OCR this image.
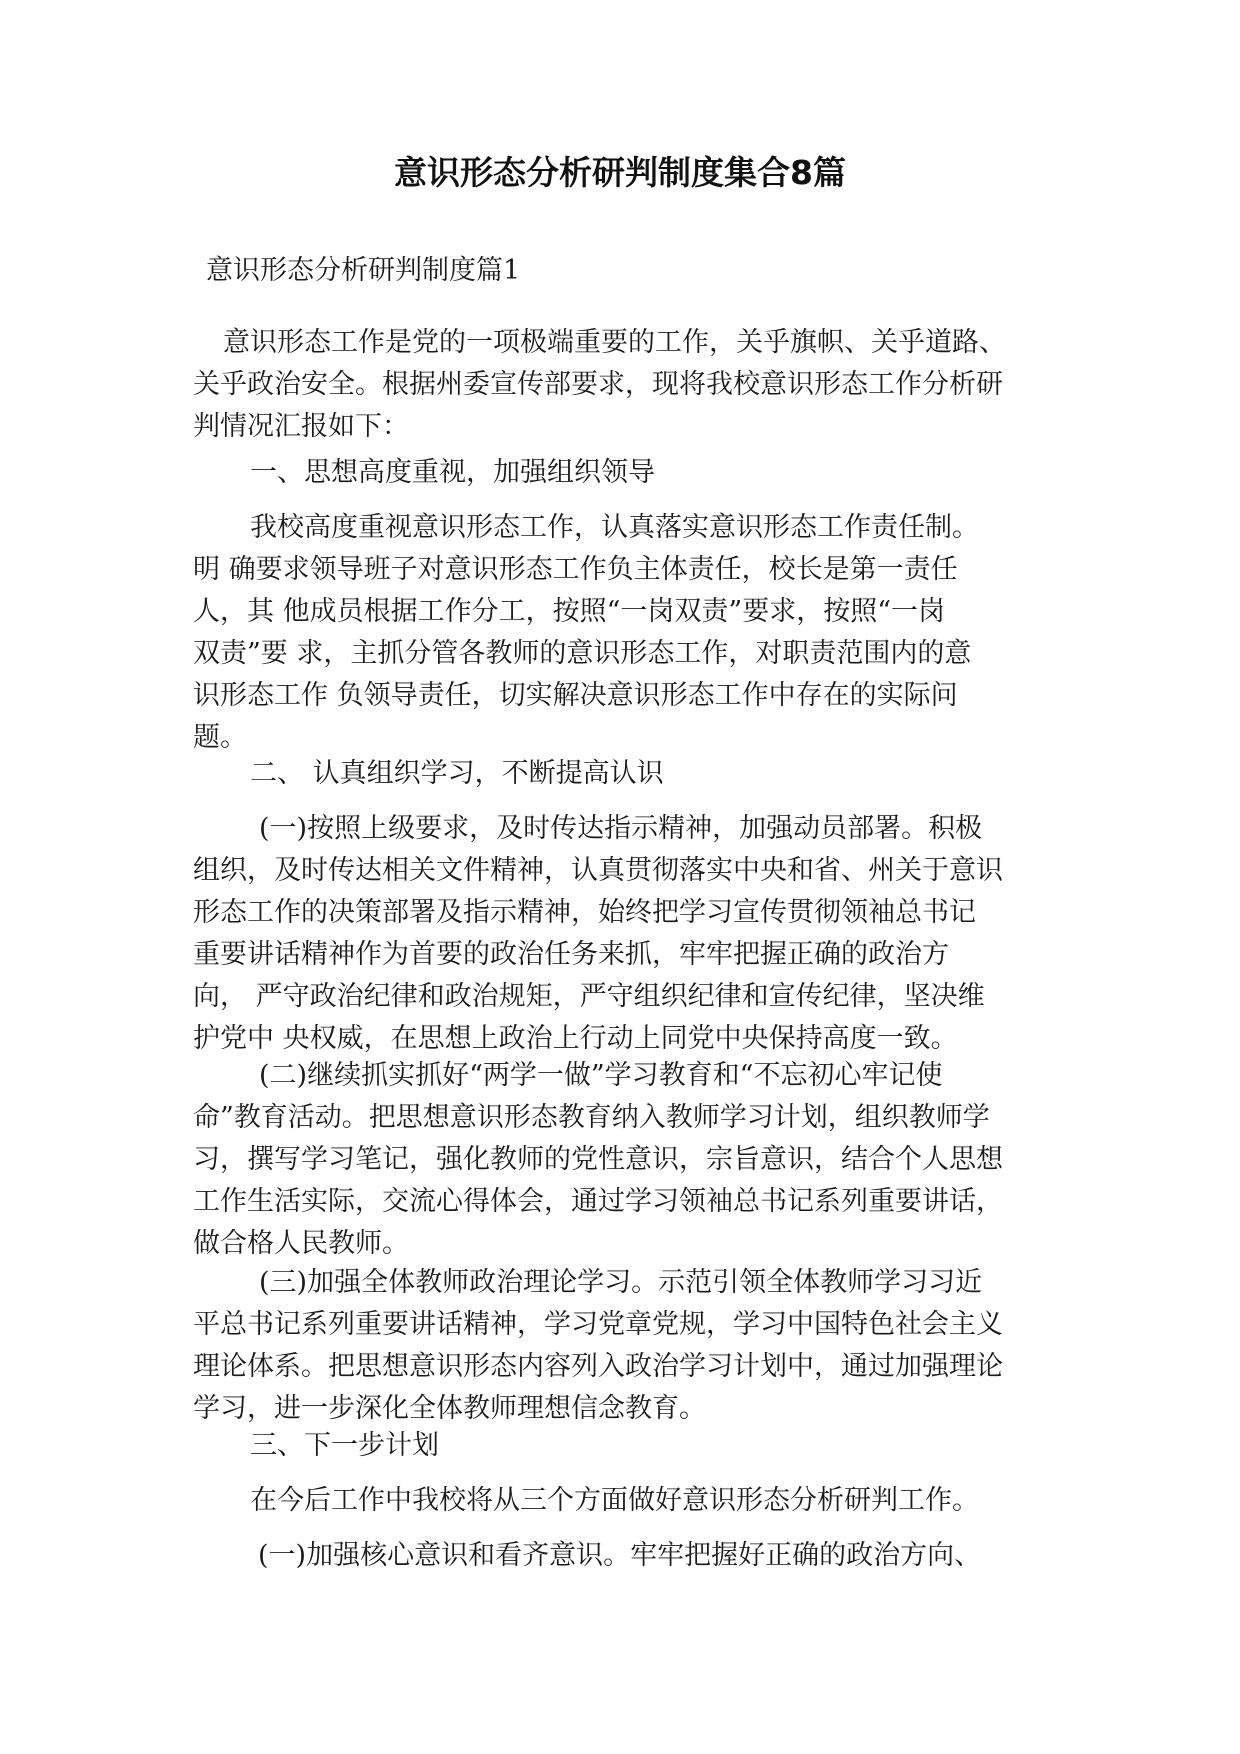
意识形态分析研判制度集合8篇

意识形态分析研判制度篇1

意识形态工作是党的一项极端重要的工作，关乎旗帜、关乎道路、
关乎政治安全。根据州委宣传部要求，现将我校意识形态工作分析研
判情况汇报如下：

一、思想高度重视，加强组织领导

我校高度重视意识形态工作，认真落实意识形态工作责任制。
明 确要求领导班子对意识形态工作负主体责任，校长是第一责任
人，其 他成员根据工作分工，按照“一岗双责”要求，按照“一岗
双责”要 求，主抓分管各教师的意识形态工作，对职责范围内的意
识形态工作 负领导责任，切实解决意识形态工作中存在的实际问
题。

二、 认真组织学习，不断提高认识

(一)按照上级要求，及时传达指示精神，加强动员部署。积极
组织，及时传达相关文件精神，认真贯彻落实中央和省、州关于意识
形态工作的决策部署及指示精神，始终把学习宣传贯彻领袖总书记
重要讲话精神作为首要的政治任务来抓，牢牢把握正确的政治方
向， 严守政治纪律和政治规矩，严守组织纪律和宣传纪律，坚决维
护党中 央权威，在思想上政治上行动上同党中央保持高度一致。

(二)继续抓实抓好“两学一做”学习教育和“不忘初心牢记使
命”教育活动。把思想意识形态教育纳入教师学习计划，组织教师学
习，撰写学习笔记，强化教师的党性意识，宗旨意识，结合个人思想
工作生活实际，交流心得体会，通过学习领袖总书记系列重要讲话，
做合格人民教师。

(三)加强全体教师政治理论学习。示范引领全体教师学习习近
平总书记系列重要讲话精神，学习党章党规，学习中国特色社会主义
理论体系。把思想意识形态内容列入政治学习计划中，通过加强理论
学习，进一步深化全体教师理想信念教育。

三、下一步计划

在今后工作中我校将从三个方面做好意识形态分析研判工作。

(一)加强核心意识和看齐意识。牢牢把握好正确的政治方向、
